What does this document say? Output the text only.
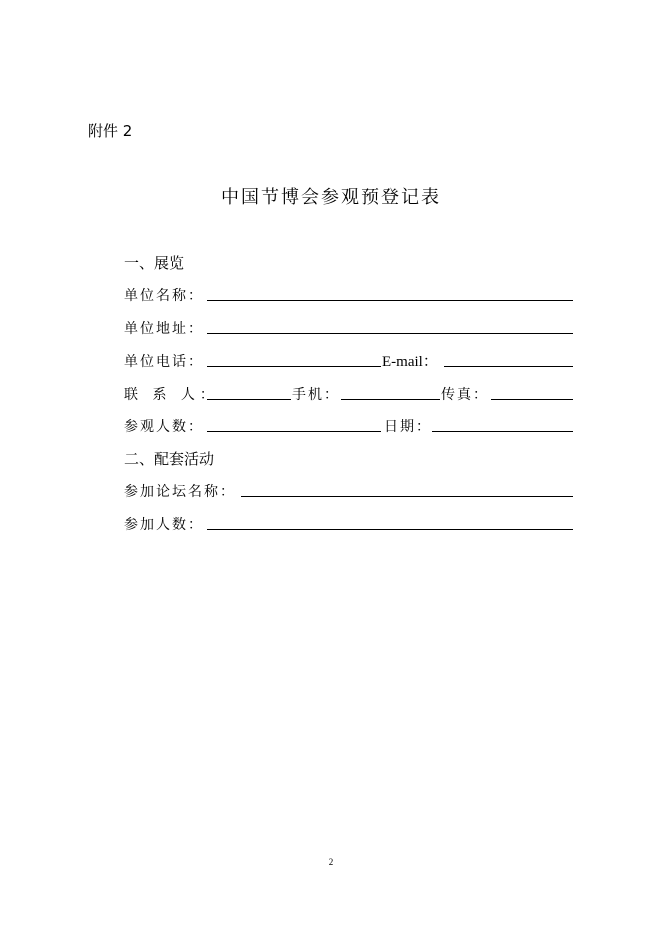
附件 2
中国节博会参观预登记表
一、展览
单位名称：
单位地址：
单位电话：	E-mail：
联 系 人：	手机：	传真：
参观人数：	日期：
二、配套活动
参加论坛名称：
参加人数：
2
